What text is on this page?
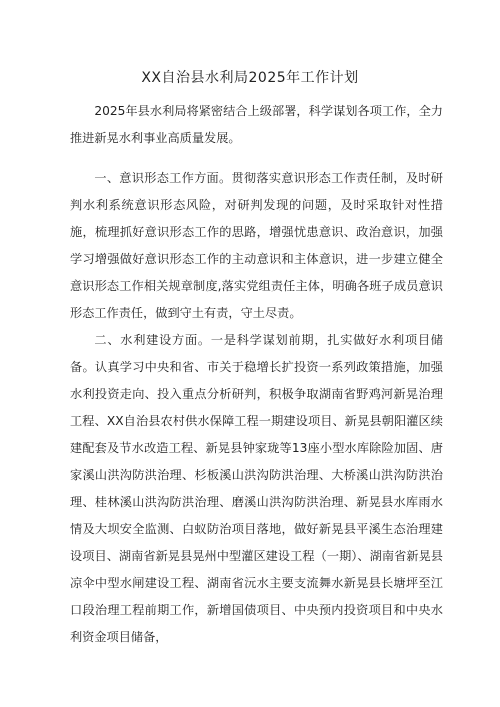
XX自治县水利局2025年工作计划

2025年县水利局将紧密结合上级部署，科学谋划各项工作，全力推进新晃水利事业高质量发展。

一、意识形态工作方面。贯彻落实意识形态工作责任制，及时研判水利系统意识形态风险，对研判发现的问题，及时采取针对性措施，梳理抓好意识形态工作的思路，增强忧患意识、政治意识，加强学习增强做好意识形态工作的主动意识和主体意识，进一步建立健全意识形态工作相关规章制度,落实党组责任主体，明确各班子成员意识形态工作责任，做到守土有责，守土尽责。

二、水利建设方面。一是科学谋划前期，扎实做好水利项目储备。认真学习中央和省、市关于稳增长扩投资一系列政策措施，加强水利投资走向、投入重点分析研判，积极争取湖南省野鸡河新晃治理工程、XX自治县农村供水保障工程一期建设项目、新晃县朝阳灌区续建配套及节水改造工程、新晃县钟家珑等13座小型水库除险加固、唐家溪山洪沟防洪治理、杉板溪山洪沟防洪治理、大桥溪山洪沟防洪治理、桂林溪山洪沟防洪治理、磨溪山洪沟防洪治理、新晃县水库雨水情及大坝安全监测、白蚁防治项目落地，做好新晃县平溪生态治理建设项目、湖南省新晃县晃州中型灌区建设工程（一期）、湖南省新晃县凉伞中型水闸建设工程、湖南省沅水主要支流舞水新晃县长塘坪至江口段治理工程前期工作，新增国债项目、中央预内投资项目和中央水利资金项目储备，
